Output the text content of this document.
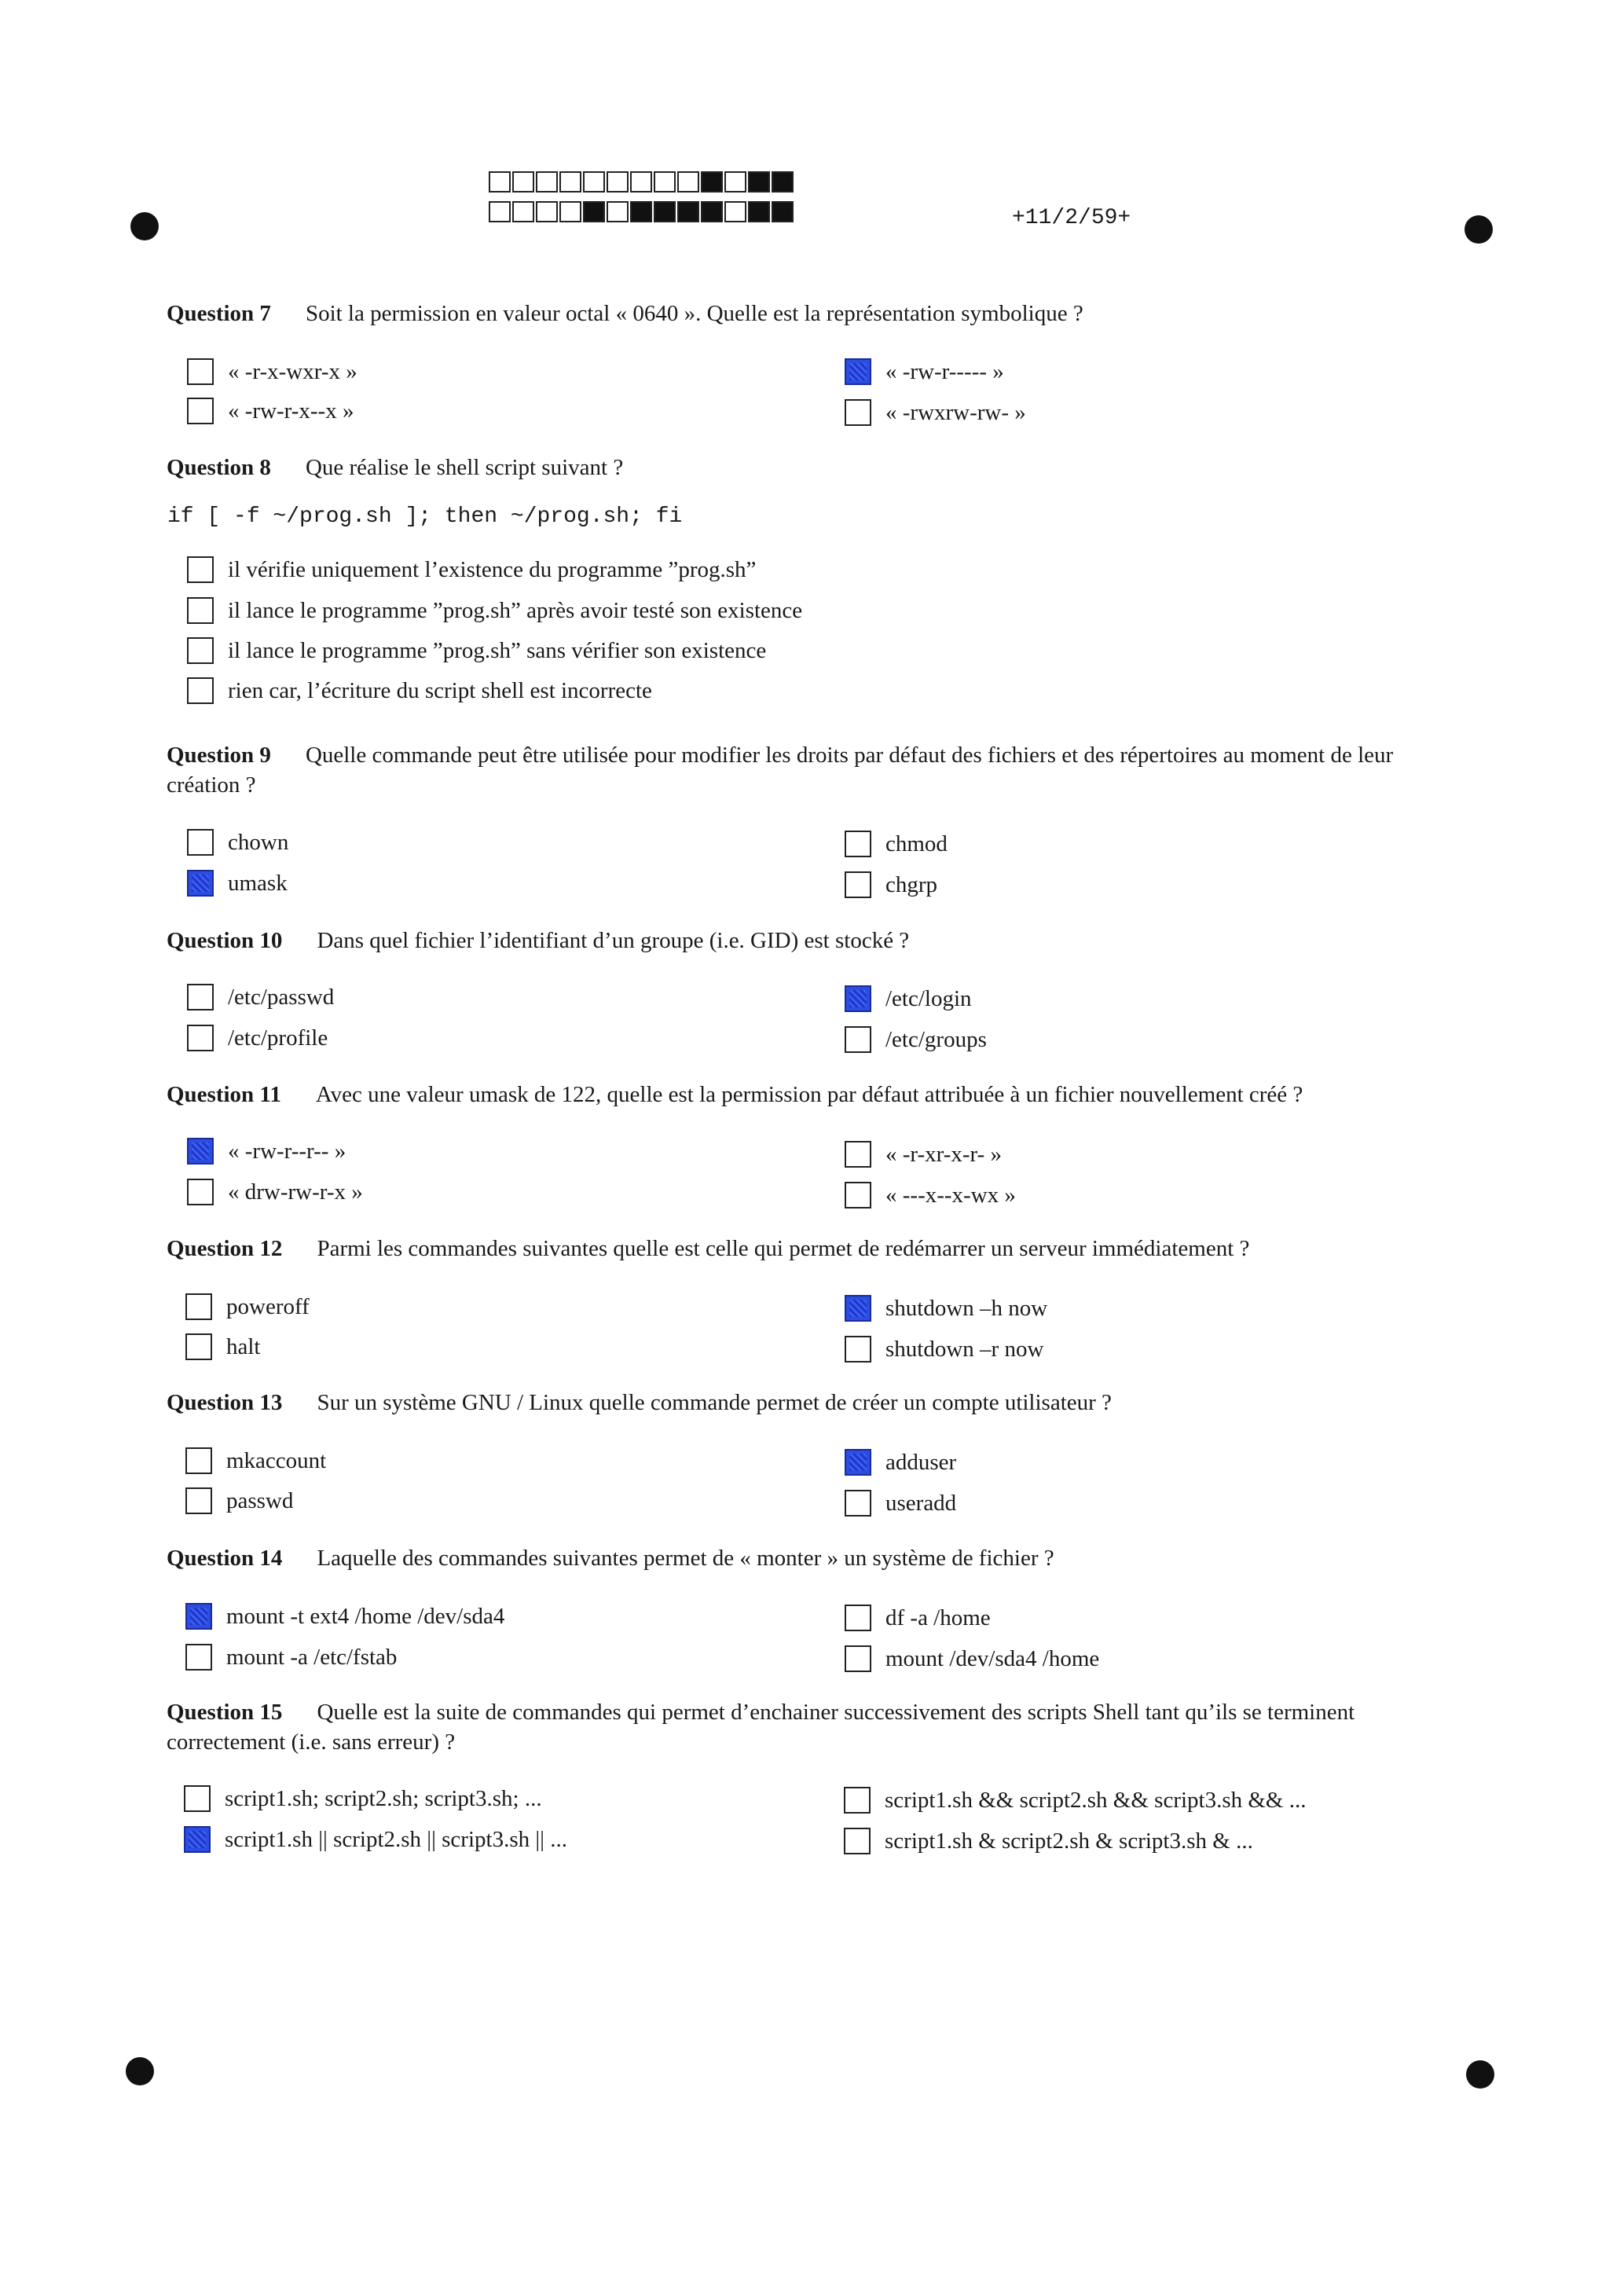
+11/2/59+
Question 7 Soit la permission en valeur octal « 0640 ». Quelle est la représentation symbolique ?
« -r-x-wxr-x »	« -rw-r----- »
« -rw-r-x--x »	« -rwxrw-rw- »
Question 8 Que réalise le shell script suivant ?
if [ -f ~/prog.sh ]; then ~/prog.sh; fi
il vérifie uniquement l’existence du programme ”prog.sh”
il lance le programme ”prog.sh” après avoir testé son existence
il lance le programme ”prog.sh” sans vérifier son existence
rien car, l’écriture du script shell est incorrecte
Question 9 Quelle commande peut être utilisée pour modifier les droits par défaut des fichiers et des répertoires au moment de leur création ?
chown	chmod
umask	chgrp
Question 10 Dans quel fichier l’identifiant d’un groupe (i.e. GID) est stocké ?
/etc/passwd	/etc/login
/etc/profile	/etc/groups
Question 11 Avec une valeur umask de 122, quelle est la permission par défaut attribuée à un fichier nouvellement créé ?
« -rw-r--r-- »	« -r-xr-x-r- »
« drw-rw-r-x »	« ---x--x-wx »
Question 12 Parmi les commandes suivantes quelle est celle qui permet de redémarrer un serveur immédiatement ?
poweroff	shutdown –h now
halt	shutdown –r now
Question 13 Sur un système GNU / Linux quelle commande permet de créer un compte utilisateur ?
mkaccount	adduser
passwd	useradd
Question 14 Laquelle des commandes suivantes permet de « monter » un système de fichier ?
mount -t ext4 /home /dev/sda4	df -a /home
mount -a /etc/fstab	mount /dev/sda4 /home
Question 15 Quelle est la suite de commandes qui permet d’enchainer successivement des scripts Shell tant qu’ils se terminent correctement (i.e. sans erreur) ?
script1.sh; script2.sh; script3.sh; ...	script1.sh && script2.sh && script3.sh && ...
script1.sh || script2.sh || script3.sh || ...	script1.sh & script2.sh & script3.sh & ...
